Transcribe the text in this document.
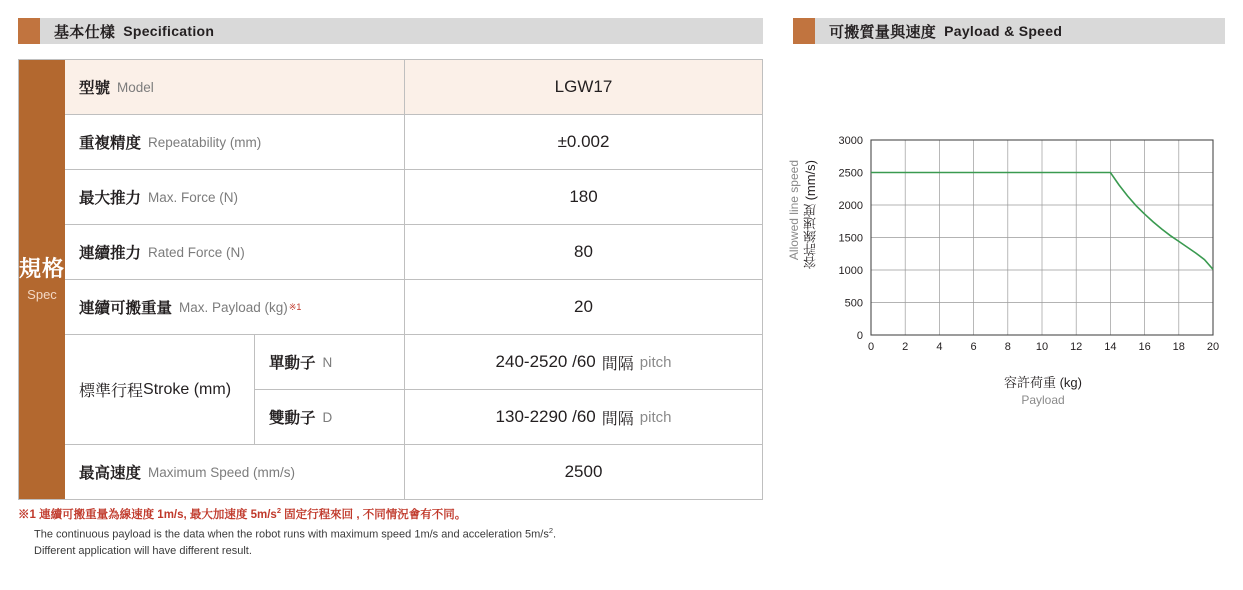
基本仕樣 Specification	可搬質量與速度 Payload & Speed
規格
Spec
型號 Model	LGW17
重複精度 Repeatability (mm)	±0.002
最大推力 Max. Force (N)	180
連續推力 Rated Force (N)	80
連續可搬重量 Max. Payload (kg) ※1	20
標準行程 Stroke (mm)
單動子 N	240-2520 /60 間隔 pitch
雙動子 D	130-2290 /60 間隔 pitch
最高速度 Maximum Speed (mm/s)	2500
※1 連續可搬重量為線速度 1m/s, 最大加速度 $5m/s^2$ 固定行程來回 , 不同情況會有不同。
The continuous payload is the data when the robot runs with maximum speed 1m/s and acceleration $5m/s^2$.
Different application will have different result.
容許線速度 (mm/s)
Allowed line speed
0	2	4	6	8 10 12 14 16 18 20
0
500
1000
1500
2000
2500
3000
容許荷重 (kg)
Payload
